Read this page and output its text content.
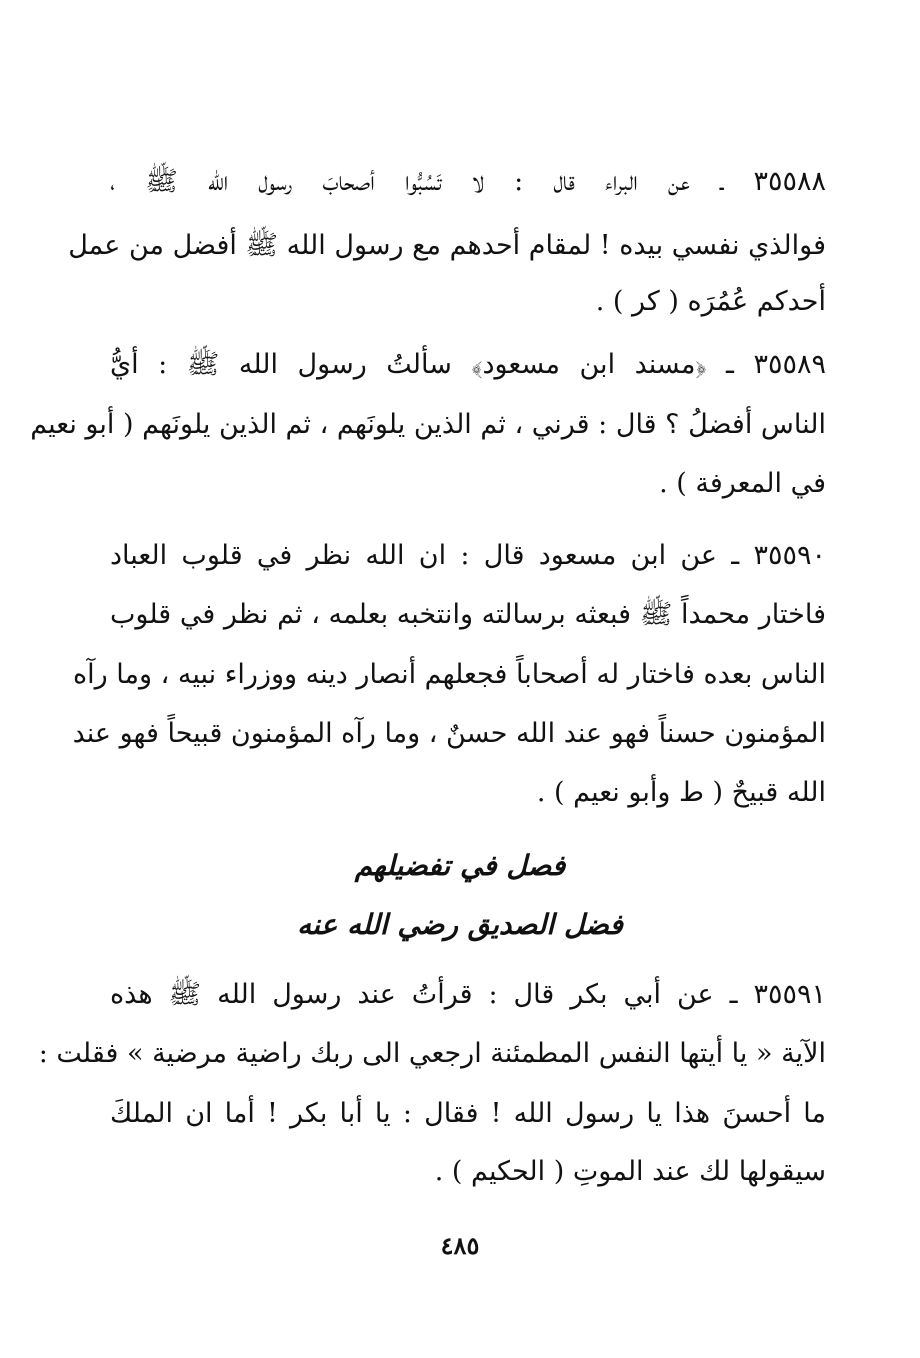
٣٥٥٨٨ ـ عن البراء قال : لا تَسُبُّوا أصحابَ رسول الله ﷺ ،
فوالذي نفسي بيده ! لمقام أحدهم مع رسول الله ﷺ أفضل من عمل
أحدكم عُمُرَه ( كر ) .
٣٥٥٨٩ ـ ﴿مسند ابن مسعود﴾ سألتُ رسول الله ﷺ : أيُّ
الناس أفضلُ ؟ قال : قرني ، ثم الذين يلونَهم ، ثم الذين يلونَهم ( أبو نعيم
في المعرفة ) .
٣٥٥٩٠ ـ عن ابن مسعود قال : ان الله نظر في قلوب العباد
فاختار محمداً ﷺ فبعثه برسالته وانتخبه بعلمه ، ثم نظر في قلوب
الناس بعده فاختار له أصحاباً فجعلهم أنصار دينه ووزراء نبيه ، وما رآه
المؤمنون حسناً فهو عند الله حسنٌ ، وما رآه المؤمنون قبيحاً فهو عند
الله قبيحٌ ( ط وأبو نعيم ) .
فصل في تفضيلهم
فضل الصديق رضي الله عنه
٣٥٥٩١ ـ عن أبي بكر قال : قرأتُ عند رسول الله ﷺ هذه
الآية « يا أيتها النفس المطمئنة ارجعي الى ربك راضية مرضية » فقلت :
ما أحسنَ هذا يا رسول الله ! فقال : يا أبا بكر ! أما ان الملكَ
سيقولها لك عند الموتِ ( الحكيم ) .
٤٨٥
